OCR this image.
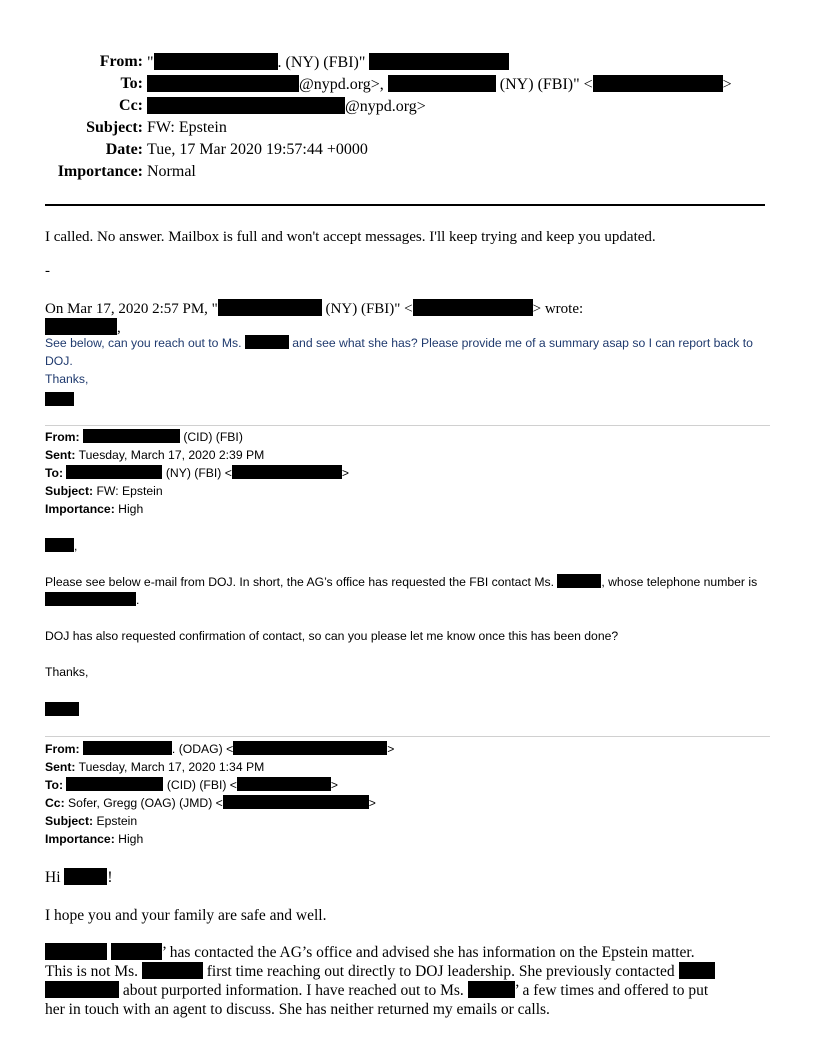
From: "	. (NY) (FBI)"
To:	@nypd.org>,	(NY) (FBI)" <	>
Cc:	@nypd.org>
Subject: FW: Epstein
Date: Tue, 17 Mar 2020 19:57:44 +0000
Importance: Normal
I called. No answer. Mailbox is full and won't accept messages. I'll keep trying and keep you updated.
-
On Mar 17, 2020 2:57 PM, "	(NY) (FBI)" <	> wrote:
,
See below, can you reach out to Ms.	and see what she has? Please provide me of a summary asap so I can report back to DOJ.
Thanks,
From:	(CID) (FBI)
Sent: Tuesday, March 17, 2020 2:39 PM
To:	(NY) (FBI) <	>
Subject: FW: Epstein
Importance: High
,
Please see below e-mail from DOJ. In short, the AG’s office has requested the FBI contact Ms.	, whose telephone number is .
DOJ has also requested confirmation of contact, so can you please let me know once this has been done?
Thanks,
From:	. (ODAG) <	>
Sent: Tuesday, March 17, 2020 1:34 PM
To:	(CID) (FBI) <	>
Cc: Sofer, Gregg (OAG) (JMD) <	>
Subject: Epstein
Importance: High
Hi	!
I hope you and your family are safe and well.
’ has contacted the AG’s office and advised she has information on the Epstein matter.
This is not Ms.	first time reaching out directly to DOJ leadership. She previously contacted
about purported information. I have reached out to Ms.	’ a few times and offered to put
her in touch with an agent to discuss. She has neither returned my emails or calls.
